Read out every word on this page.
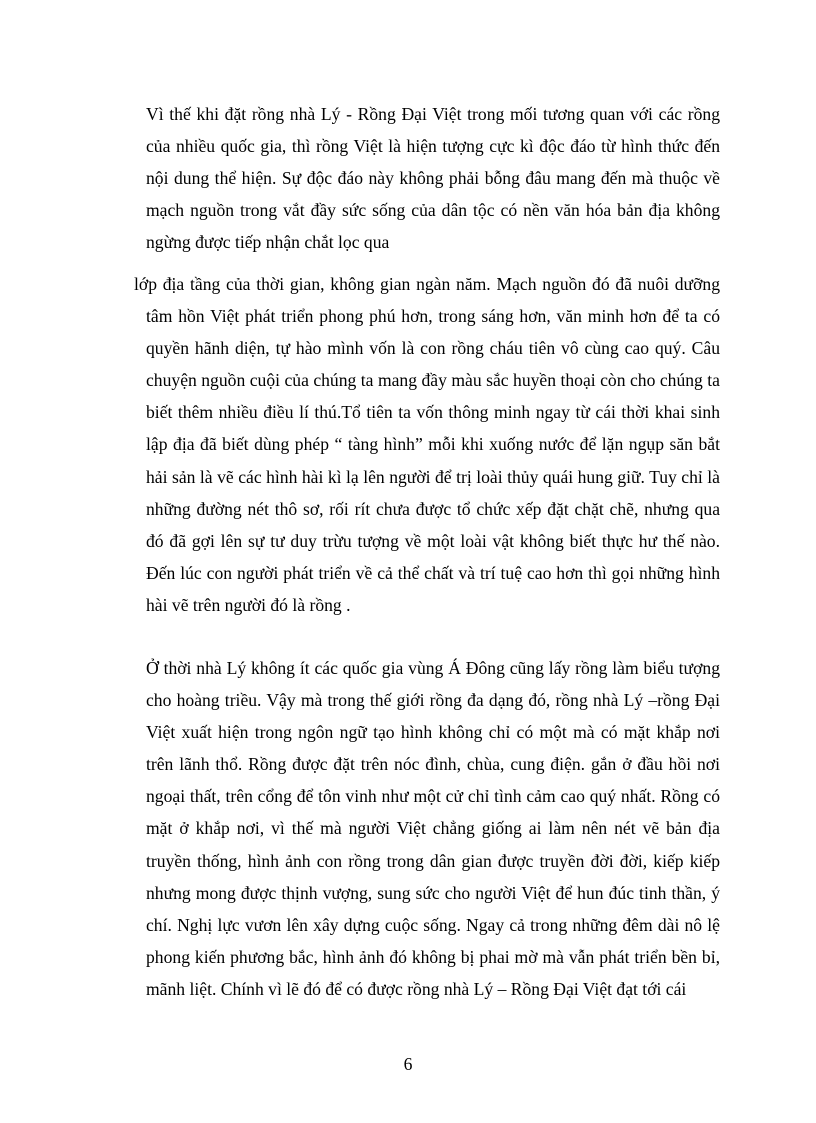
Vì thế khi đặt rồng nhà Lý - Rồng Đại Việt trong mối tương quan với các rồng của nhiều quốc gia, thì rồng Việt là hiện tượng cực kì độc đáo từ hình thức đến nội dung thể hiện. Sự độc đáo này không phải bỗng đâu mang đến mà thuộc về mạch nguồn trong vắt đầy sức sống của dân tộc có nền văn hóa bản địa không ngừng được tiếp nhận chắt lọc qua

lớp địa tầng của thời gian, không gian ngàn năm. Mạch nguồn đó đã nuôi dưỡng tâm hồn Việt phát triển phong phú hơn, trong sáng hơn, văn minh hơn để ta có quyền hãnh diện, tự hào mình vốn là con rồng cháu tiên vô cùng cao quý. Câu chuyện nguồn cuội của chúng ta mang đầy màu sắc huyền thoại còn cho chúng ta biết thêm nhiều điều lí thú.Tổ tiên ta vốn thông minh ngay từ cái thời khai sinh lập địa đã biết dùng phép “ tàng hình” mỗi khi xuống nước để lặn ngụp săn bắt hải sản là vẽ các hình hài kì lạ lên người để trị loài thủy quái hung giữ. Tuy chỉ là những đường nét thô sơ, rối rít chưa được tổ chức xếp đặt chặt chẽ, nhưng qua đó đã gợi lên sự tư duy trừu tượng về một loài vật không biết thực hư thế nào. Đến lúc con người phát triển về cả thể chất và trí tuệ cao hơn thì gọi những hình hài vẽ trên người đó là rồng .

Ở thời nhà Lý không ít các quốc gia vùng Á Đông cũng lấy rồng làm biểu tượng cho hoàng triều. Vậy mà trong thế giới rồng đa dạng đó, rồng nhà Lý –rồng Đại Việt xuất hiện trong ngôn ngữ tạo hình không chỉ có một mà có mặt khắp nơi trên lãnh thổ. Rồng được đặt trên nóc đình, chùa, cung điện. gắn ở đầu hồi nơi ngoại thất, trên cổng để tôn vinh như một cử chỉ tình cảm cao quý nhất. Rồng có mặt ở khắp nơi, vì thế mà người Việt chẳng giống ai làm nên nét vẽ bản địa truyền thống, hình ảnh con rồng trong dân gian được truyền đời đời, kiếp kiếp nhưng mong được thịnh vượng, sung sức cho người Việt để hun đúc tinh thần, ý chí. Nghị lực vươn lên xây dựng cuộc sống. Ngay cả trong những đêm dài nô lệ phong kiến phương bắc, hình ảnh đó không bị phai mờ mà vẫn phát triển bền bỉ, mãnh liệt. Chính vì lẽ đó để có được rồng nhà Lý – Rồng Đại Việt đạt tới cái

6
